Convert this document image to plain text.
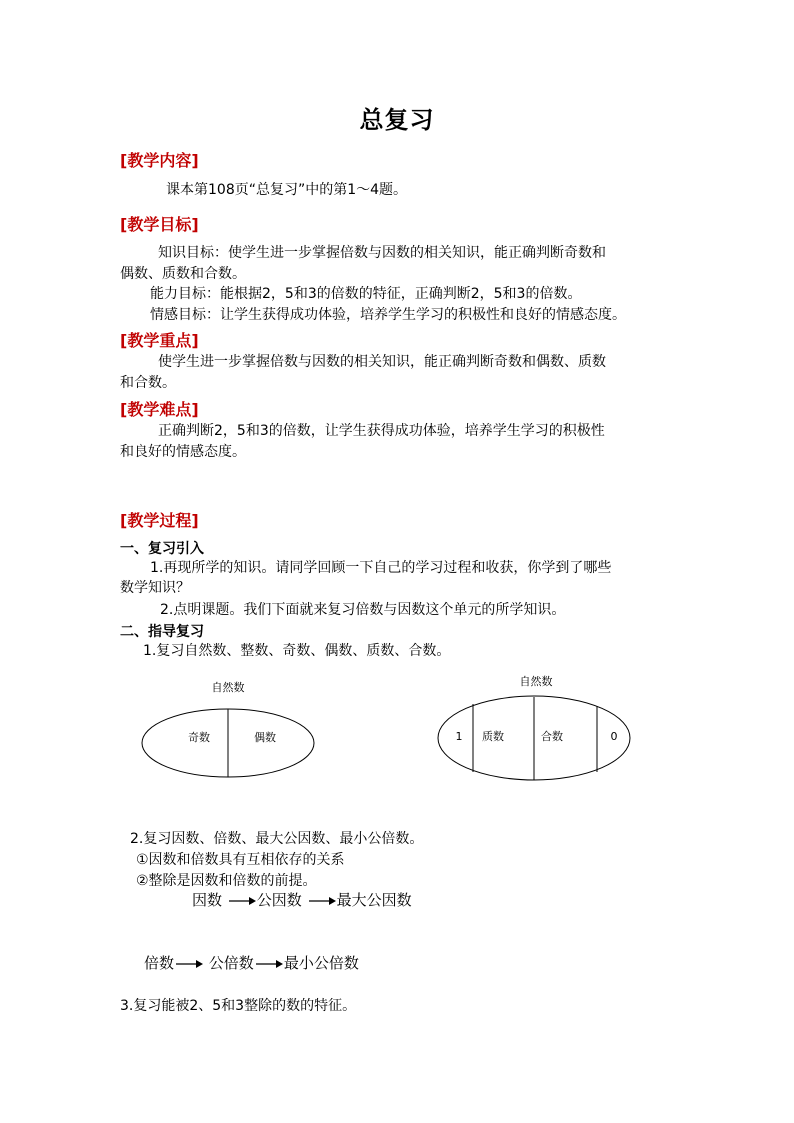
总复习
[教学内容]
课本第108页“总复习”中的第1～4题。
[教学目标]
知识目标：使学生进一步掌握倍数与因数的相关知识，能正确判断奇数和
偶数、质数和合数。
能力目标：能根据2，5和3的倍数的特征，正确判断2，5和3的倍数。
情感目标：让学生获得成功体验，培养学生学习的积极性和良好的情感态度。
[教学重点]
使学生进一步掌握倍数与因数的相关知识，能正确判断奇数和偶数、质数
和合数。
[教学难点]
正确判断2，5和3的倍数，让学生获得成功体验，培养学生学习的积极性
和良好的情感态度。
[教学过程]
一、复习引入
1.再现所学的知识。请同学回顾一下自己的学习过程和收获，你学到了哪些
数学知识？
2.点明课题。我们下面就来复习倍数与因数这个单元的所学知识。
二、指导复习
1.复习自然数、整数、奇数、偶数、质数、合数。
自然数
奇数	偶数
自然数
1 质数	合数	0
2.复习因数、倍数、最大公因数、最小公倍数。
①因数和倍数具有互相依存的关系
②整除是因数和倍数的前提。
因数 公因数 最大公因数
倍数 公倍数 最小公倍数
3.复习能被2、5和3整除的数的特征。
